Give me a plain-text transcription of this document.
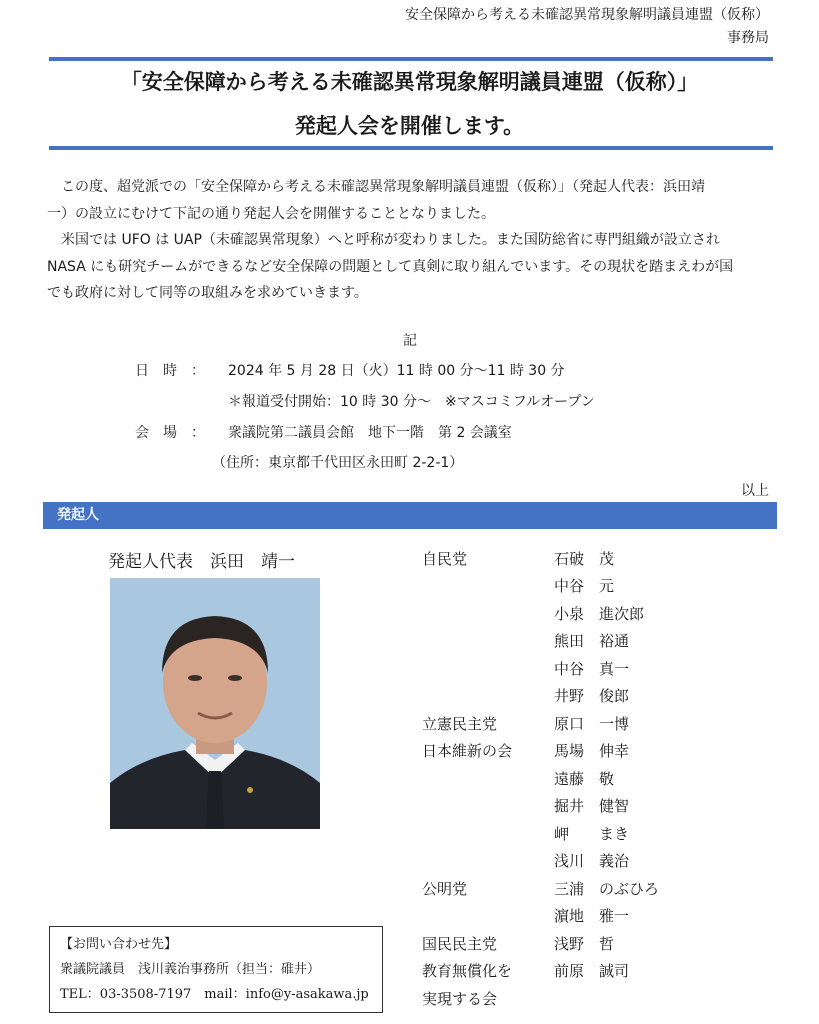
安全保障から考える未確認異常現象解明議員連盟（仮称）
事務局
「安全保障から考える未確認異常現象解明議員連盟（仮称）」
発起人会を開催します。

　この度、超党派での「安全保障から考える未確認異常現象解明議員連盟（仮称）」（発起人代表：浜田靖

一）の設立にむけて下記の通り発起人会を開催することとなりました。

　米国では UFO は UAP（未確認異常現象）へと呼称が変わりました。また国防総省に専門組織が設立され

NASA にも研究チームができるなど安全保障の問題として真剣に取り組んでいます。その現状を踏まえわが国

でも政府に対して同等の取組みを求めていきます。

記
日　時　： 2024 年 5 月 28 日（火）11 時 00 分～11 時 30 分
＊報道受付開始：10 時 30 分～　※マスコミフルオープン
会　場　： 衆議院第二議員会館　地下一階　第 2 会議室
（住所：東京都千代田区永田町 2-2-1）
以上
発起人
発起人代表　浜田　靖一	自民党
立憲民主党
日本維新の会
公明党
国民民主党
教育無償化を
実現する会
石破　茂
中谷　元
小泉　進次郎
熊田　裕通
中谷　真一
井野　俊郎
原口　一博
馬場　伸幸
遠藤　敬
掘井　健智
岬　　まき
浅川　義治
三浦　のぶひろ
濵地　雅一
浅野　哲
前原　誠司
【お問い合わせ先】
衆議院議員　浅川義治事務所（担当：碓井）
TEL：03-3508-7197　mail：info@y-asakawa.jp
